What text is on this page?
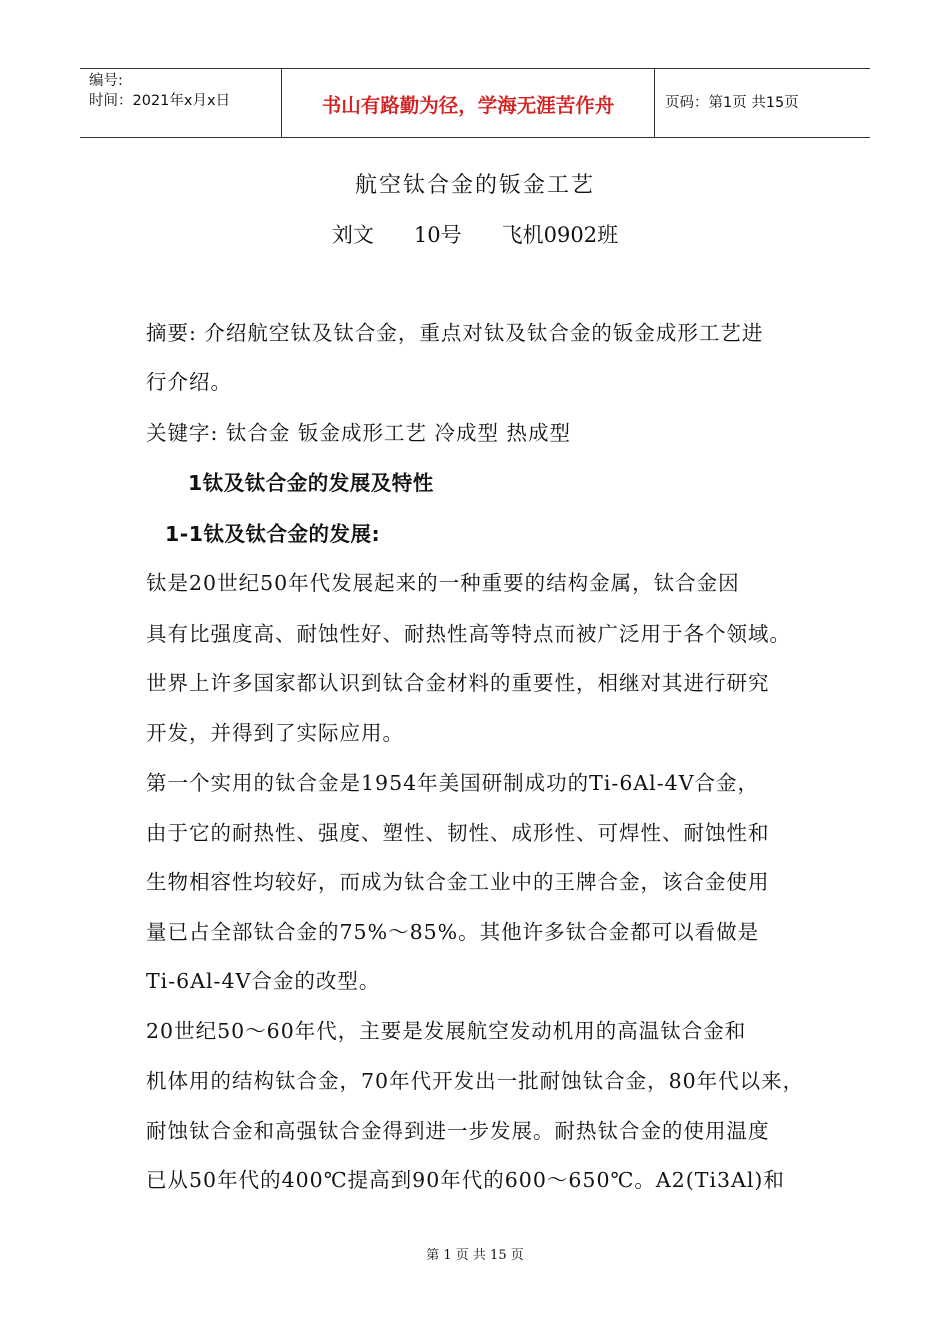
编号:
时间：2021年x月x日	书山有路勤为径，学海无涯苦作舟	页码：第1页 共15页
航空钛合金的钣金工艺
刘文      10号      飞机0902班
摘要: 介绍航空钛及钛合金，重点对钛及钛合金的钣金成形工艺进
行介绍。
关键字: 钛合金 钣金成形工艺 冷成型 热成型
1钛及钛合金的发展及特性
1-1钛及钛合金的发展:
钛是20世纪50年代发展起来的一种重要的结构金属，钛合金因
具有比强度高、耐蚀性好、耐热性高等特点而被广泛用于各个领域。
世界上许多国家都认识到钛合金材料的重要性，相继对其进行研究
开发，并得到了实际应用。
第一个实用的钛合金是1954年美国研制成功的Ti-6Al-4V合金，
由于它的耐热性、强度、塑性、韧性、成形性、可焊性、耐蚀性和
生物相容性均较好，而成为钛合金工业中的王牌合金，该合金使用
量已占全部钛合金的75%～85%。其他许多钛合金都可以看做是
Ti-6Al-4V合金的改型。
20世纪50～60年代，主要是发展航空发动机用的高温钛合金和
机体用的结构钛合金，70年代开发出一批耐蚀钛合金，80年代以来，
耐蚀钛合金和高强钛合金得到进一步发展。耐热钛合金的使用温度
已从50年代的400℃提高到90年代的600～650℃。A2(Ti3Al)和
第 1 页 共 15 页
